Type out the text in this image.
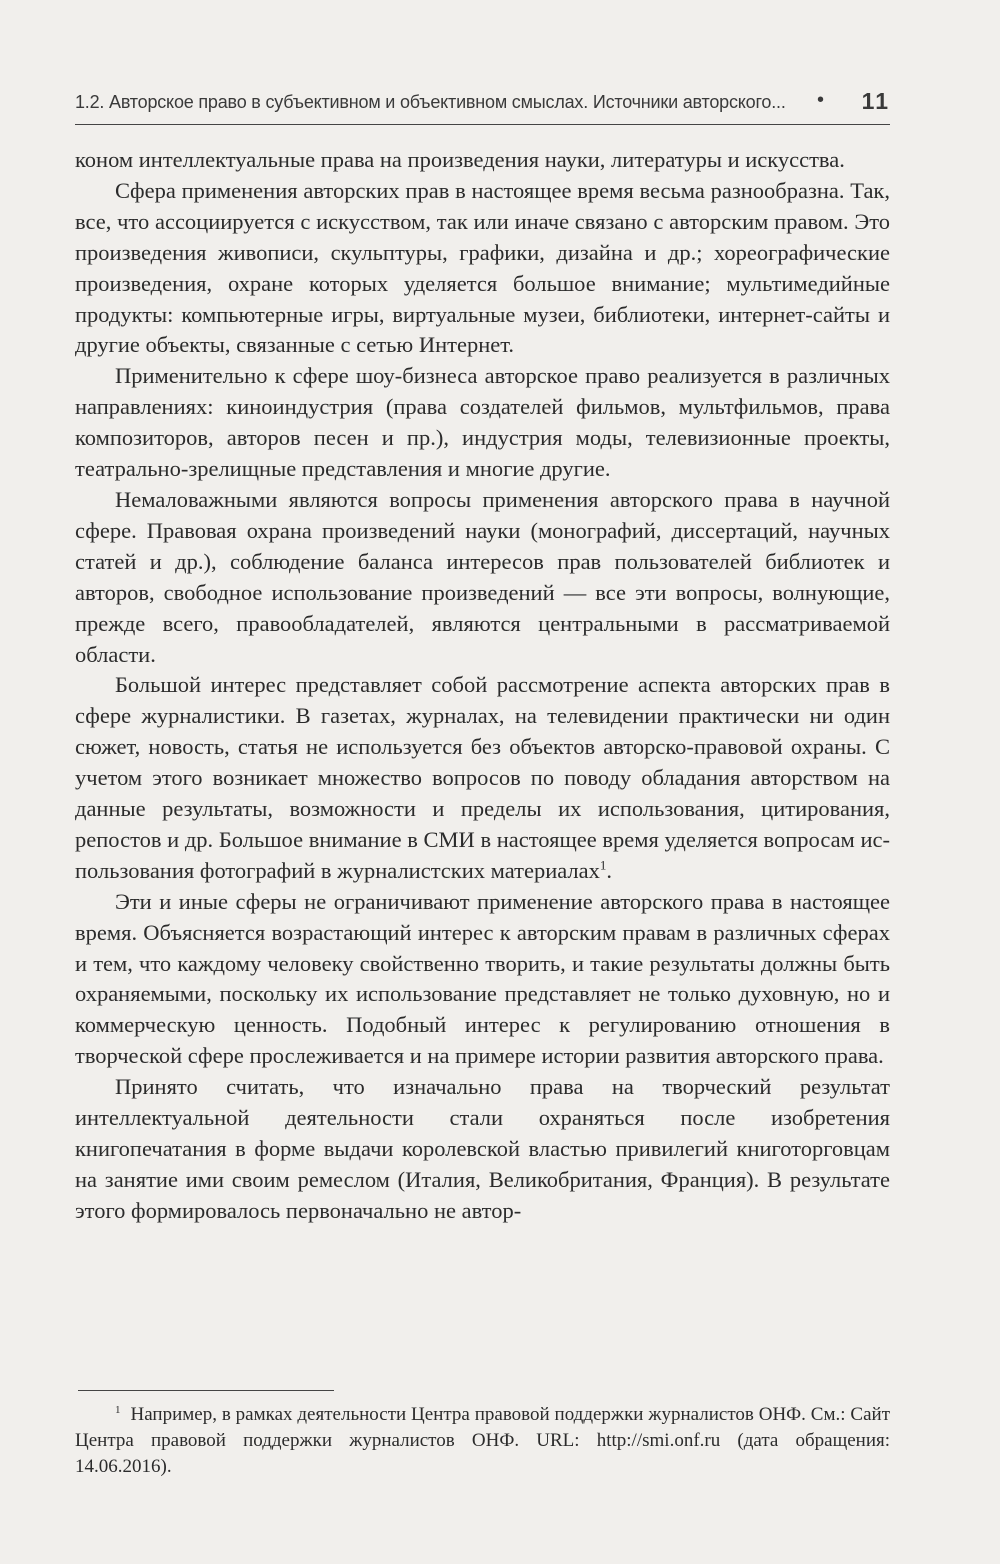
1.2. Авторское право в субъективном и объективном смыслах. Источники авторского... • 11

коном интеллектуальные права на произведения науки, литературы и искусства.

Сфера применения авторских прав в настоящее время весьма разнообразна. Так, все, что ассоциируется с искусством, так или иначе связано с авторским правом. Это произведения живописи, скульптуры, графики, дизайна и др.; хореографические произведения, охране которых уделяется большое внимание; мультимедийные продукты: компьютерные игры, виртуальные музеи, библиотеки, интернет-сайты и другие объекты, связанные с сетью Интернет.

Применительно к сфере шоу-бизнеса авторское право реализуется в различных направлениях: киноиндустрия (права создателей фильмов, мультфильмов, права композиторов, авторов песен и пр.), индустрия моды, телевизионные проекты, театрально-зрелищные представления и многие другие.

Немаловажными являются вопросы применения авторского права в научной сфере. Правовая охрана произведений науки (монографий, диссертаций, научных статей и др.), соблюдение баланса интересов прав пользователей библиотек и авторов, свободное использование произведений — все эти вопросы, волнующие, прежде всего, правообладателей, являются центральными в рассматриваемой области.

Большой интерес представляет собой рассмотрение аспекта авторских прав в сфере журналистики. В газетах, журналах, на телевидении практически ни один сюжет, новость, статья не используется без объектов авторско-правовой охраны. С учетом этого возникает множество вопросов по поводу обладания авторством на данные результаты, возможности и пределы их использования, цитирования, репостов и др. Большое внимание в СМИ в настоящее время уделяется вопросам использования фотографий в журналистских материалах$^1$.

Эти и иные сферы не ограничивают применение авторского права в настоящее время. Объясняется возрастающий интерес к авторским правам в различных сферах и тем, что каждому человеку свойственно творить, и такие результаты должны быть охраняемыми, поскольку их использование представляет не только духовную, но и коммерческую ценность. Подобный интерес к регулированию отношения в творческой сфере прослеживается и на примере истории развития авторского права.

Принято считать, что изначально права на творческий результат интеллектуальной деятельности стали охраняться после изобретения книгопечатания в форме выдачи королевской властью привилегий книготорговцам на занятие ими своим ремеслом (Италия, Великобритания, Франция). В результате этого формировалось первоначально не автор-

$^1$ Например, в рамках деятельности Центра правовой поддержки журналистов ОНФ. См.: Сайт Центра правовой поддержки журналистов ОНФ. URL: http://smi.onf.ru (дата обращения: 14.06.2016).
